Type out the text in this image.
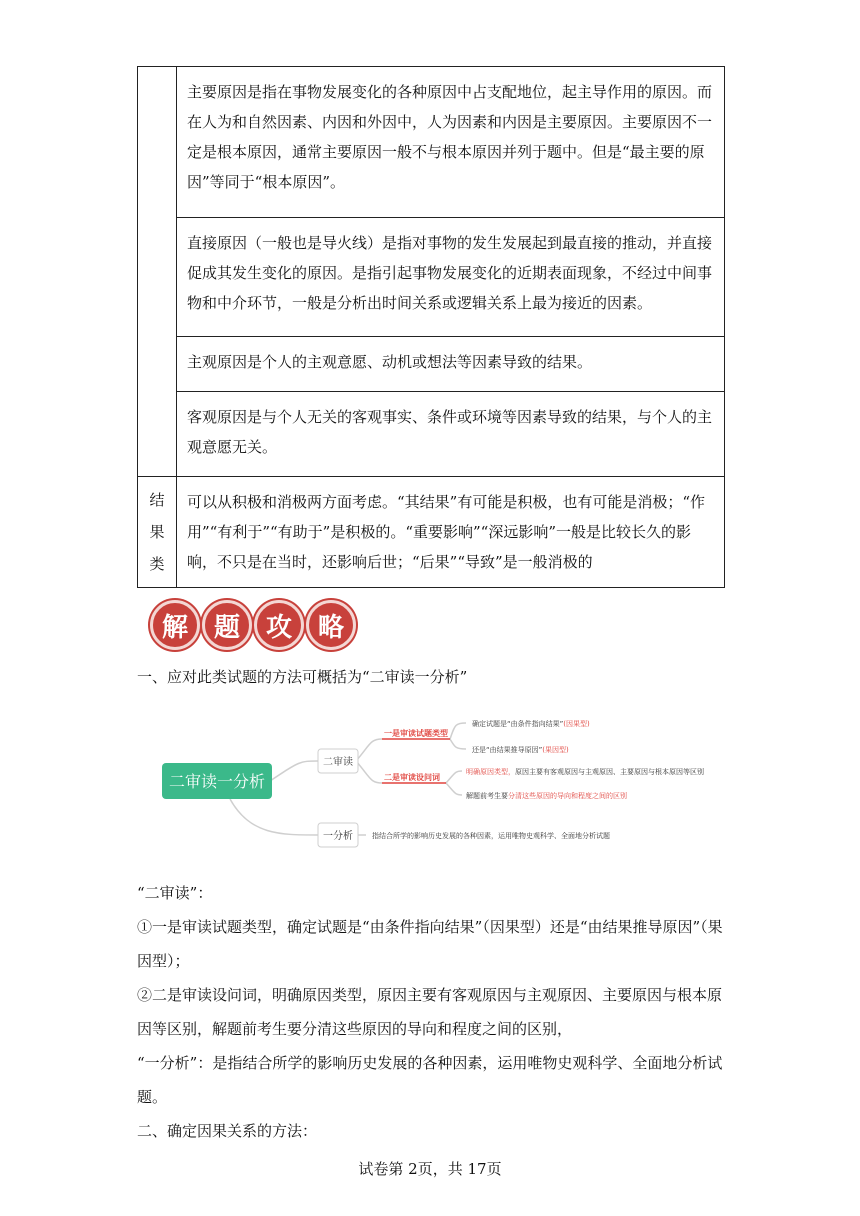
	主要原因是指在事物发展变化的各种原因中占支配地位，起主导作用的原因。而在人为和自然因素、内因和外因中，人为因素和内因是主要原因。主要原因不一定是根本原因，通常主要原因一般不与根本原因并列于题中。但是“最主要的原因”等同于“根本原因”。
	直接原因（一般也是导火线）是指对事物的发生发展起到最直接的推动，并直接促成其发生变化的原因。是指引起事物发展变化的近期表面现象，不经过中间事物和中介环节，一般是分析出时间关系或逻辑关系上最为接近的因素。
	主观原因是个人的主观意愿、动机或想法等因素导致的结果。
	客观原因是与个人无关的客观事实、条件或环境等因素导致的结果，与个人的主观意愿无关。

结
果
类	可以从积极和消极两方面考虑。“其结果”有可能是积极，也有可能是消极；“作用”“有利于”“有助于”是积极的。“重要影响”“深远影响”一般是比较长久的影响，不只是在当时，还影响后世；“后果”“导致”是一般消极的
解 题 攻 略
一、应对此类试题的方法可概括为“二审读一分析”
二审读一分析
二审读
一分析
一是审读试题类型
二是审读设问词
确定试题是“由条件指向结果”(因果型)
还是“由结果推导原因”(果因型)
明确原因类型，原因主要有客观原因与主观原因、主要原因与根本原因等区别
解题前考生要分清这些原因的导向和程度之间的区别
指结合所学的影响历史发展的各种因素，运用唯物史观科学、全面地分析试题
“二审读”：
①一是审读试题类型，确定试题是“由条件指向结果”（因果型）还是“由结果推导原因”（果因型）；
②二是审读设问词，明确原因类型，原因主要有客观原因与主观原因、主要原因与根本原因等区别，解题前考生要分清这些原因的导向和程度之间的区别，
“一分析”：是指结合所学的影响历史发展的各种因素，运用唯物史观科学、全面地分析试题。
二、确定因果关系的方法：
试卷第 2页，共 17页
